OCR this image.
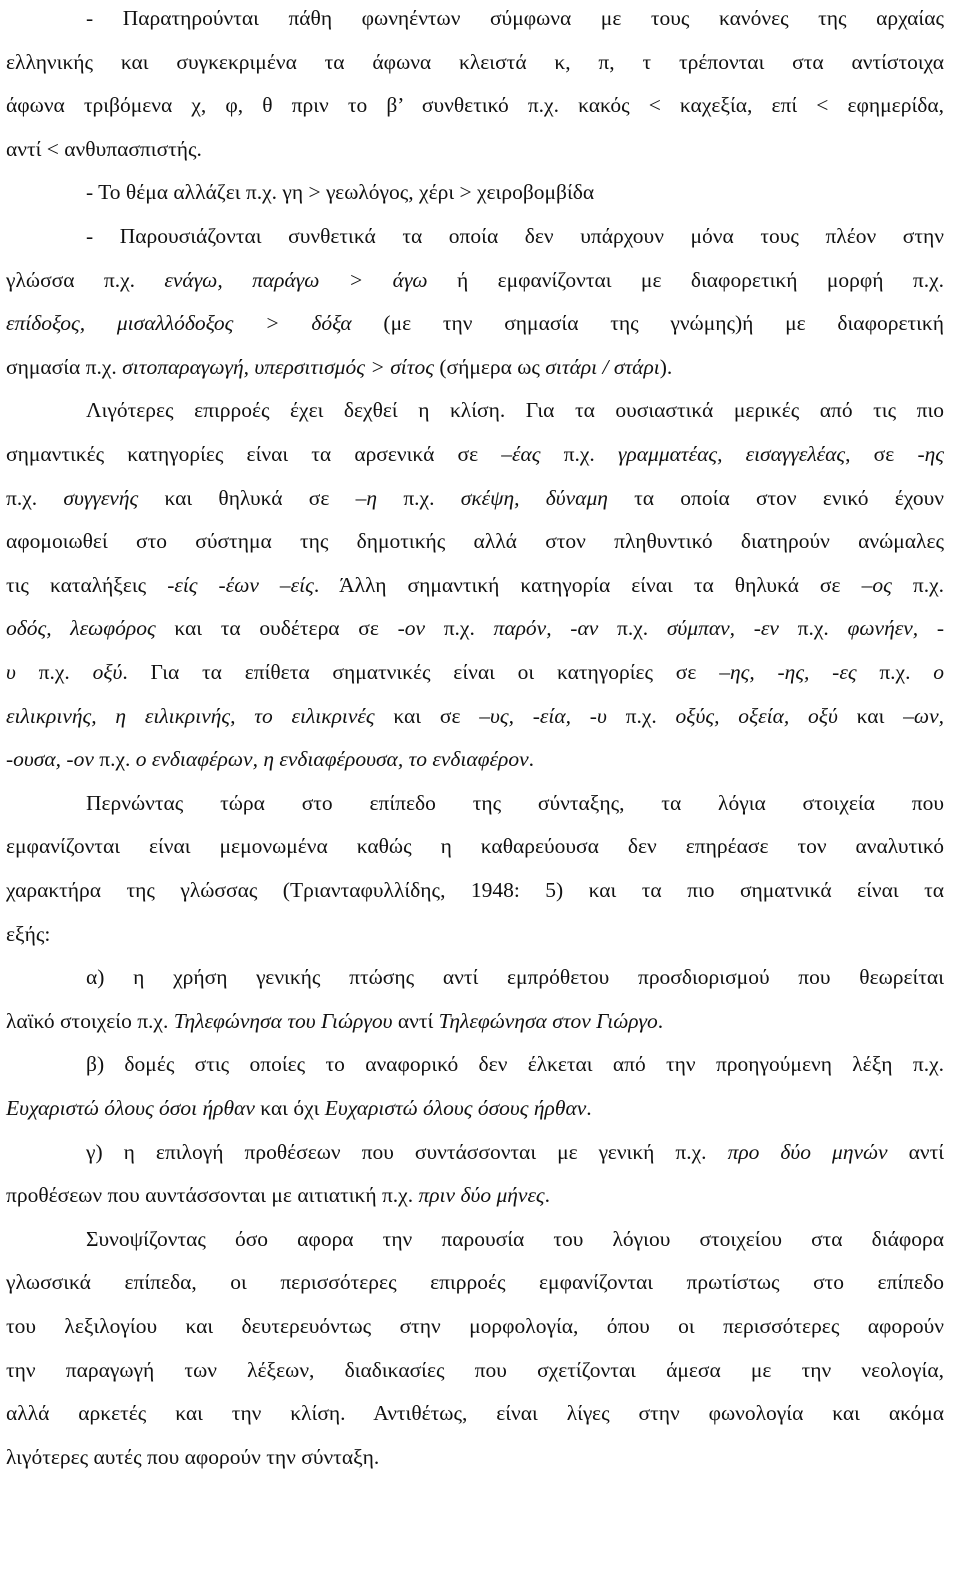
- Παρατηρούνται πάθη φωνηέντων σύμφωνα με τους κανόνες της αρχαίας
ελληνικής και συγκεκριμένα τα άφωνα κλειστά κ, π, τ τρέπονται στα αντίστοιχα
άφωνα τριβόμενα χ, φ, θ πριν το β’ συνθετικό π.χ. κακός < καχεξία, επί < εφημερίδα,
αντί < ανθυπασπιστής.
- Το θέμα αλλάζει π.χ. γη > γεωλόγος, χέρι > χειροβομβίδα
- Παρουσιάζονται συνθετικά τα οποία δεν υπάρχουν μόνα τους πλέον στην
γλώσσα π.χ. ενάγω, παράγω > άγω ή εμφανίζονται με διαφορετική μορφή π.χ.
επίδοξος, μισαλλόδοξος > δόξα (με την σημασία της γνώμης)ή με διαφορετική
σημασία π.χ. σιτοπαραγωγή, υπερσιτισμός > σίτος (σήμερα ως σιτάρι / στάρι).
Λιγότερες επιρροές έχει δεχθεί η κλίση. Για τα ουσιαστικά μερικές από τις πιο
σημαντικές κατηγορίες είναι τα αρσενικά σε –έας π.χ. γραμματέας, εισαγγελέας, σε -ης
π.χ. συγγενής και θηλυκά σε –η π.χ. σκέψη, δύναμη τα οποία στον ενικό έχουν
αφομοιωθεί στο σύστημα της δημοτικής αλλά στον πληθυντικό διατηρούν ανώμαλες
τις καταλήξεις -είς -έων –είς. Άλλη σημαντική κατηγορία είναι τα θηλυκά σε –ος π.χ.
οδός, λεωφόρος και τα ουδέτερα σε -ον π.χ. παρόν, -αν π.χ. σύμπαν, -εν π.χ. φωνήεν, -
υ π.χ. οξύ. Για τα επίθετα σηματνικές είναι οι κατηγορίες σε –ης, -ης, -ες π.χ. ο
ειλικρινής, η ειλικρινής, το ειλικρινές και σε –υς, -εία, -υ π.χ. οξύς, οξεία, οξύ και –ων,
-ουσα, -ον π.χ. ο ενδιαφέρων, η ενδιαφέρουσα, το ενδιαφέρον.
Περνώντας τώρα στο επίπεδο της σύνταξης, τα λόγια στοιχεία που
εμφανίζονται είναι μεμονωμένα καθώς η καθαρεύουσα δεν επηρέασε τον αναλυτικό
χαρακτήρα της γλώσσας (Τριανταφυλλίδης, 1948: 5) και τα πιο σηματνικά είναι τα
εξής:
α) η χρήση γενικής πτώσης αντί εμπρόθετου προσδιορισμού που θεωρείται
λαϊκό στοιχείο π.χ. Τηλεφώνησα του Γιώργου αντί Τηλεφώνησα στον Γιώργο.
β) δομές στις οποίες το αναφορικό δεν έλκεται από την προηγούμενη λέξη π.χ.
Ευχαριστώ όλους όσοι ήρθαν και όχι Ευχαριστώ όλους όσους ήρθαν.
γ) η επιλογή προθέσεων που συντάσσονται με γενική π.χ. προ δύο μηνών αντί
προθέσεων που αυντάσσονται με αιτιατική π.χ. πριν δύο μήνες.
Συνοψίζοντας όσο αφορα την παρουσία του λόγιου στοιχείου στα διάφορα
γλωσσικά επίπεδα, οι περισσότερες επιρροές εμφανίζονται πρωτίστως στο επίπεδο
του λεξιλογίου και δευτερευόντως στην μορφολογία, όπου οι περισσότερες αφορούν
την παραγωγή των λέξεων, διαδικασίες που σχετίζονται άμεσα με την νεολογία,
αλλά αρκετές και την κλίση. Αντιθέτως, είναι λίγες στην φωνολογία και ακόμα
λιγότερες αυτές που αφορούν την σύνταξη.
